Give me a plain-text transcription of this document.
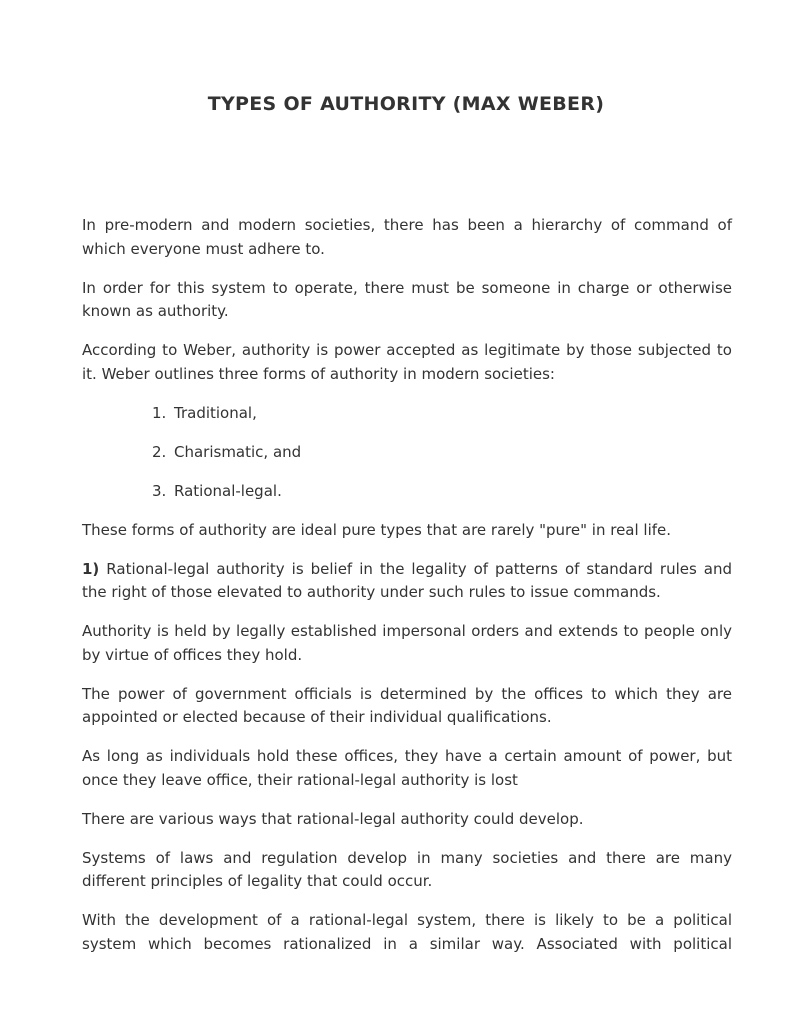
TYPES OF AUTHORITY (MAX WEBER)

In pre-modern and modern societies, there has been a hierarchy of command of which everyone must adhere to.

In order for this system to operate, there must be someone in charge or otherwise known as authority.

According to Weber, authority is power accepted as legitimate by those subjected to it. Weber outlines three forms of authority in modern societies:

1. Traditional,
2. Charismatic, and
3. Rational-legal.

These forms of authority are ideal pure types that are rarely "pure" in real life.

1) Rational-legal authority is belief in the legality of patterns of standard rules and the right of those elevated to authority under such rules to issue commands.

Authority is held by legally established impersonal orders and extends to people only by virtue of offices they hold.

The power of government officials is determined by the offices to which they are appointed or elected because of their individual qualifications.

As long as individuals hold these offices, they have a certain amount of power, but once they leave office, their rational-legal authority is lost

There are various ways that rational-legal authority could develop.

Systems of laws and regulation develop in many societies and there are many different principles of legality that could occur.

With the development of a rational-legal system, there is likely to be a political system which becomes rationalized in a similar way. Associated with political
